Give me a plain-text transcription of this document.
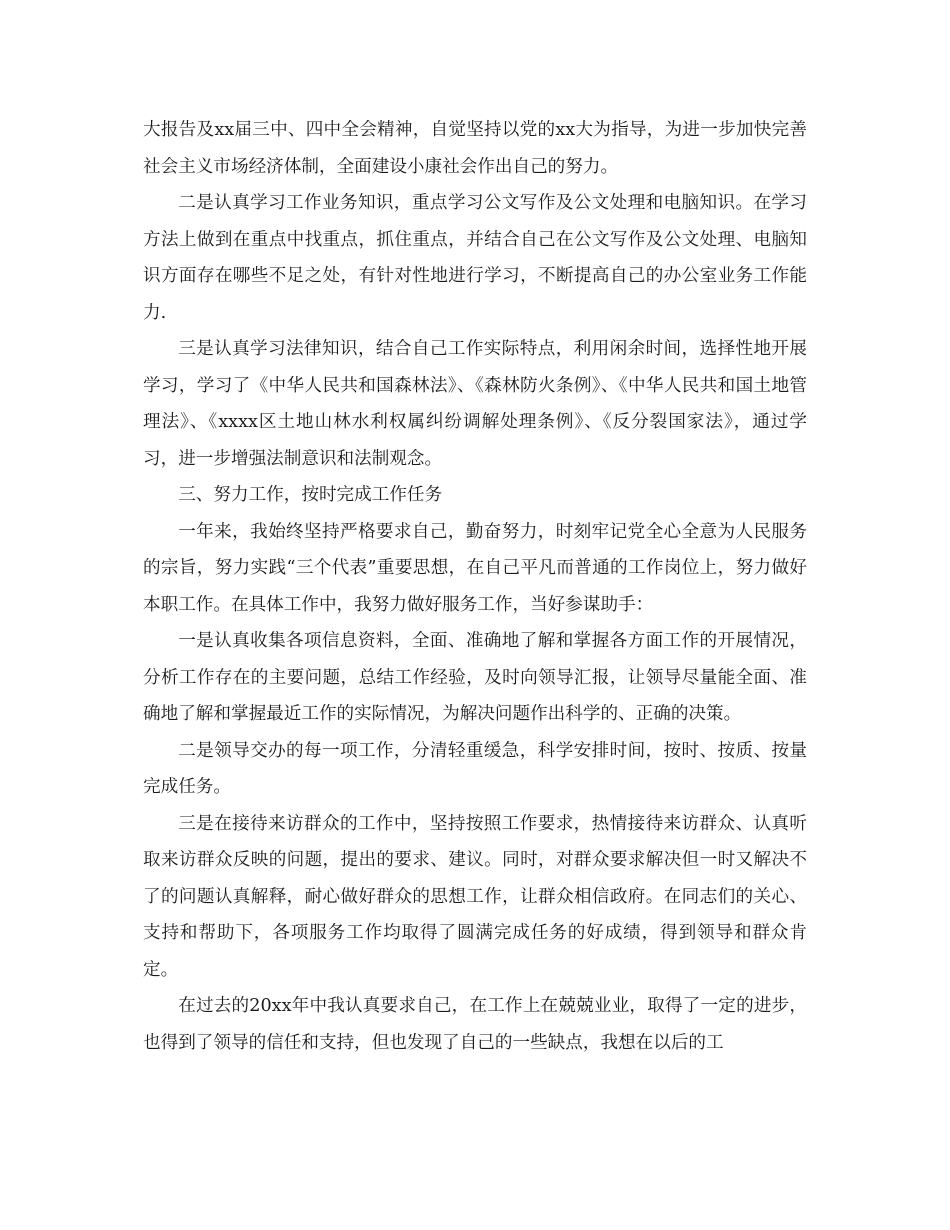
大报告及xx届三中、四中全会精神，自觉坚持以党的xx大为指导，为进一步加快完善社会主义市场经济体制，全面建设小康社会作出自己的努力。

二是认真学习工作业务知识，重点学习公文写作及公文处理和电脑知识。在学习方法上做到在重点中找重点，抓住重点，并结合自己在公文写作及公文处理、电脑知识方面存在哪些不足之处，有针对性地进行学习，不断提高自己的办公室业务工作能力.

三是认真学习法律知识，结合自己工作实际特点，利用闲余时间，选择性地开展学习，学习了《中华人民共和国森林法》、《森林防火条例》、《中华人民共和国土地管理法》、《xxxx区土地山林水利权属纠纷调解处理条例》、《反分裂国家法》，通过学习，进一步增强法制意识和法制观念。

三、努力工作，按时完成工作任务

一年来，我始终坚持严格要求自己，勤奋努力，时刻牢记党全心全意为人民服务的宗旨，努力实践“三个代表”重要思想，在自己平凡而普通的工作岗位上，努力做好本职工作。在具体工作中，我努力做好服务工作，当好参谋助手：

一是认真收集各项信息资料，全面、准确地了解和掌握各方面工作的开展情况，分析工作存在的主要问题，总结工作经验，及时向领导汇报，让领导尽量能全面、准确地了解和掌握最近工作的实际情况，为解决问题作出科学的、正确的决策。

二是领导交办的每一项工作，分清轻重缓急，科学安排时间，按时、按质、按量完成任务。

三是在接待来访群众的工作中，坚持按照工作要求，热情接待来访群众、认真听取来访群众反映的问题，提出的要求、建议。同时，对群众要求解决但一时又解决不了的问题认真解释，耐心做好群众的思想工作，让群众相信政府。在同志们的关心、支持和帮助下，各项服务工作均取得了圆满完成任务的好成绩，得到领导和群众肯定。

在过去的20xx年中我认真要求自己，在工作上在兢兢业业，取得了一定的进步，也得到了领导的信任和支持，但也发现了自己的一些缺点，我想在以后的工
